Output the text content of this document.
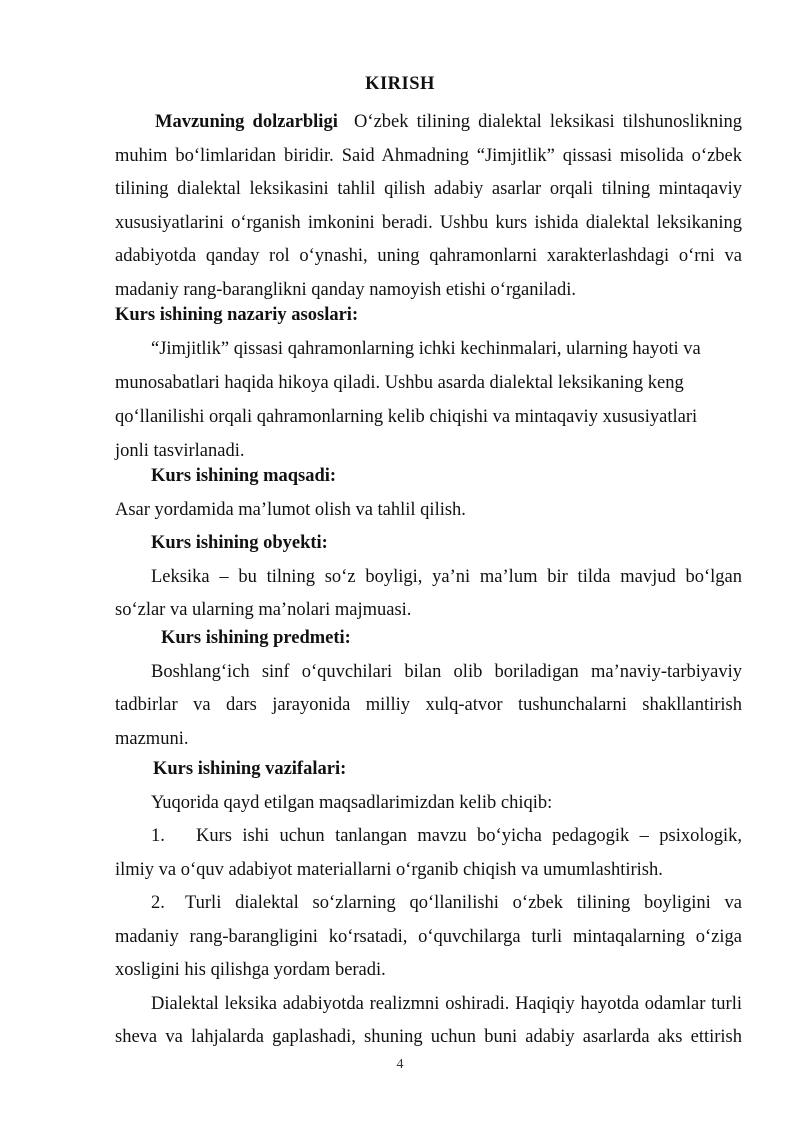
KIRISH
Mavzuning dolzarbligi O‘zbek tilining dialektal leksikasi tilshunoslikning
muhim bo‘limlaridan biridir. Said Ahmadning “Jimjitlik” qissasi misolida o‘zbek
tilining dialektal leksikasini tahlil qilish adabiy asarlar orqali tilning mintaqaviy
xususiyatlarini o‘rganish imkonini beradi. Ushbu kurs ishida dialektal leksikaning
adabiyotda qanday rol o‘ynashi, uning qahramonlarni xarakterlashdagi o‘rni va
madaniy rang-baranglikni qanday namoyish etishi o‘rganiladi.
Kurs ishining nazariy asoslari:
“Jimjitlik” qissasi qahramonlarning ichki kechinmalari, ularning hayoti va
munosabatlari haqida hikoya qiladi. Ushbu asarda dialektal leksikaning keng
qo‘llanilishi orqali qahramonlarning kelib chiqishi va mintaqaviy xususiyatlari
jonli tasvirlanadi.
Kurs ishining maqsadi:
Asar yordamida ma’lumot olish va tahlil qilish.
Kurs ishining obyekti:
Leksika – bu tilning so‘z boyligi, ya’ni ma’lum bir tilda mavjud bo‘lgan
so‘zlar va ularning ma’nolari majmuasi.
Kurs ishining predmeti:
Boshlang‘ich sinf o‘quvchilari bilan olib boriladigan ma’naviy-tarbiyaviy
tadbirlar va dars jarayonida milliy xulq-atvor tushunchalarni shakllantirish
mazmuni.
Kurs ishining vazifalari:
Yuqorida qayd etilgan maqsadlarimizdan kelib chiqib:
1. Kurs ishi uchun tanlangan mavzu bo‘yicha pedagogik – psixologik,
ilmiy va o‘quv adabiyot materiallarni o‘rganib chiqish va umumlashtirish.
2. Turli dialektal so‘zlarning qo‘llanilishi o‘zbek tilining boyligini va
madaniy rang-barangligini ko‘rsatadi, o‘quvchilarga turli mintaqalarning o‘ziga
xosligini his qilishga yordam beradi.
Dialektal leksika adabiyotda realizmni oshiradi. Haqiqiy hayotda odamlar turli
sheva va lahjalarda gaplashadi, shuning uchun buni adabiy asarlarda aks ettirish
4
